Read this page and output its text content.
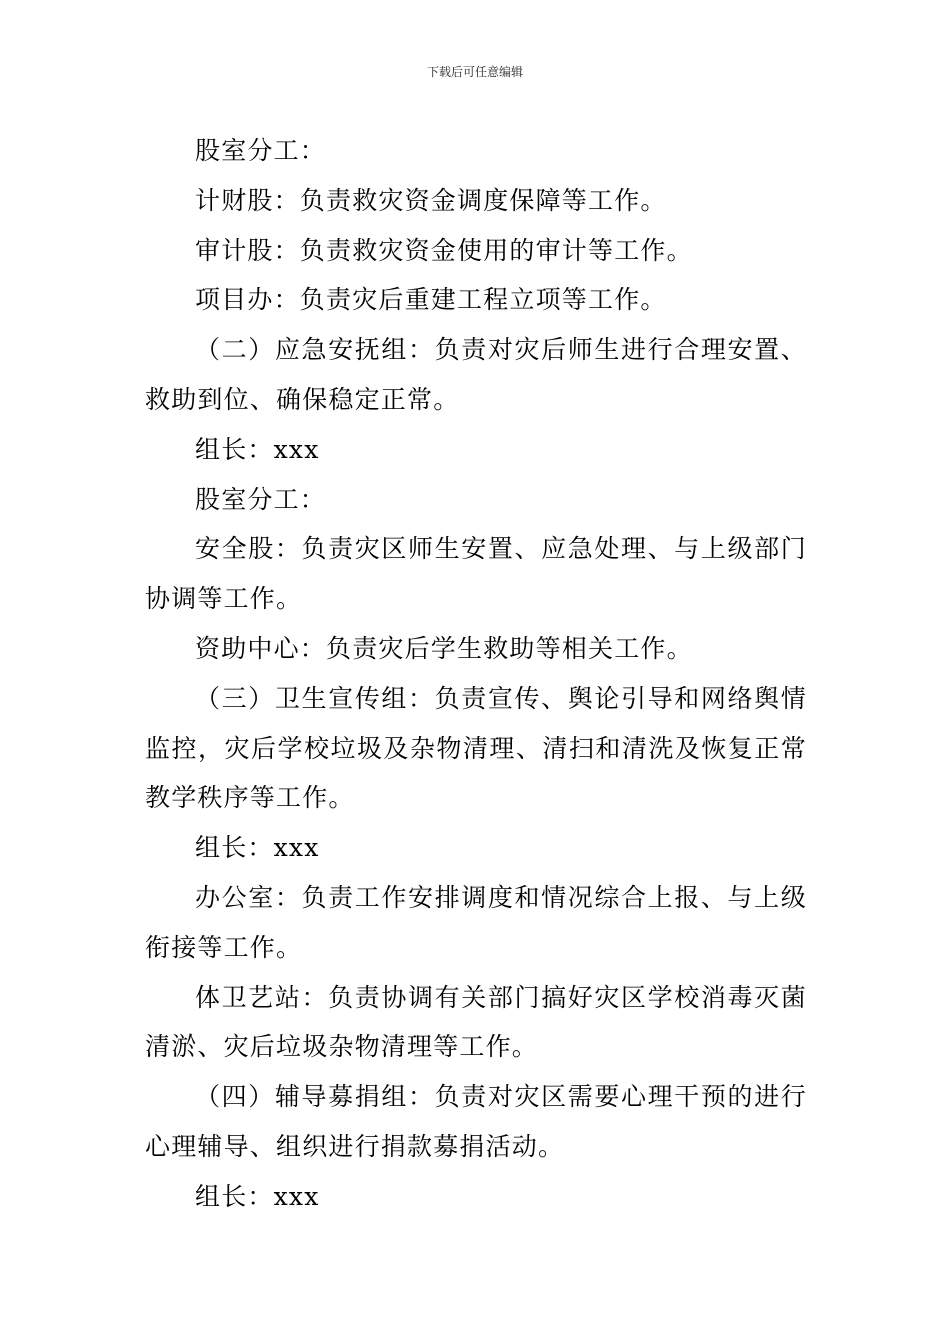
下载后可任意编辑

股室分工：

计财股：负责救灾资金调度保障等工作。

审计股：负责救灾资金使用的审计等工作。

项目办：负责灾后重建工程立项等工作。

（二）应急安抚组：负责对灾后师生进行合理安置、救助到位、确保稳定正常。

组长：xxx

股室分工：

安全股：负责灾区师生安置、应急处理、与上级部门协调等工作。

资助中心：负责灾后学生救助等相关工作。

（三）卫生宣传组：负责宣传、舆论引导和网络舆情监控，灾后学校垃圾及杂物清理、清扫和清洗及恢复正常教学秩序等工作。

组长：xxx

办公室：负责工作安排调度和情况综合上报、与上级衔接等工作。

体卫艺站：负责协调有关部门搞好灾区学校消毒灭菌清淤、灾后垃圾杂物清理等工作。

（四）辅导募捐组：负责对灾区需要心理干预的进行心理辅导、组织进行捐款募捐活动。

组长：xxx
